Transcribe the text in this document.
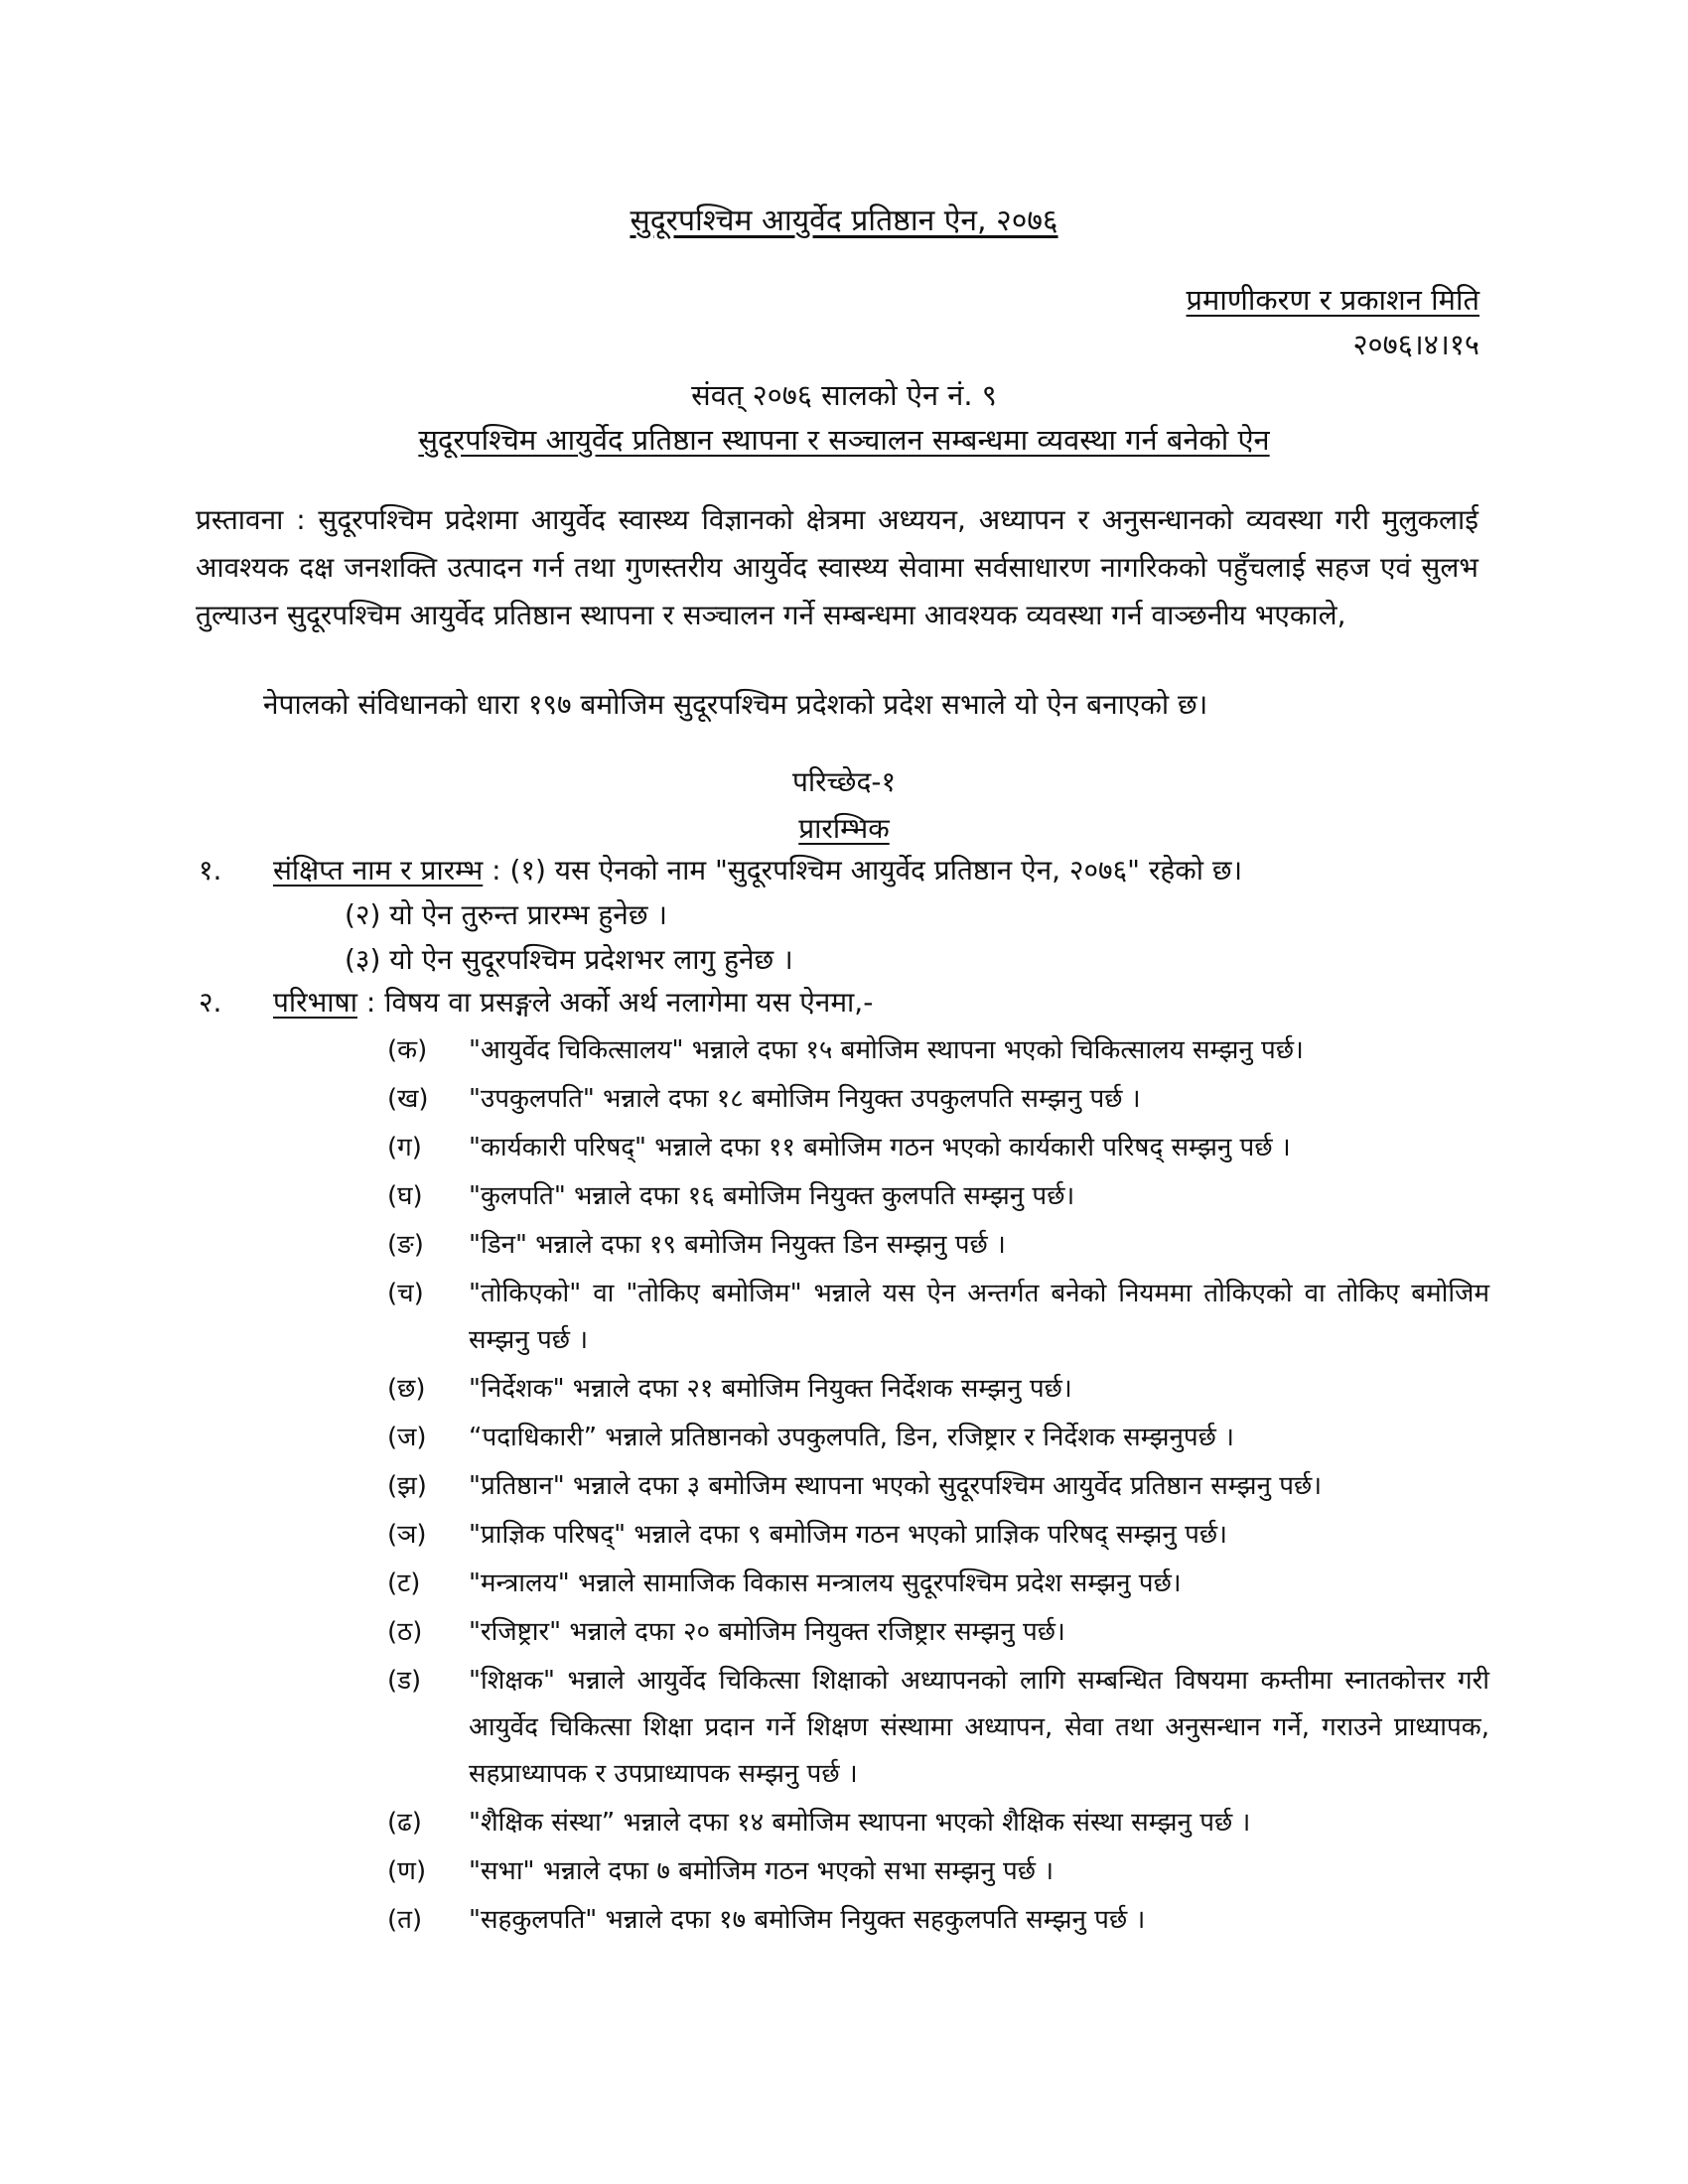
सुदूरपश्चिम आयुर्वेद प्रतिष्ठान ऐन, २०७६
प्रमाणीकरण र प्रकाशन मिति
२०७६।४।१५
संवत् २०७६ सालको ऐन नं. ९
सुदूरपश्चिम आयुर्वेद प्रतिष्ठान स्थापना र सञ्चालन सम्बन्धमा व्यवस्था गर्न बनेको ऐन

प्रस्तावना : सुदूरपश्चिम प्रदेशमा आयुर्वेद स्वास्थ्य विज्ञानको क्षेत्रमा अध्ययन, अध्यापन र अनुसन्धानको व्यवस्था गरी मुलुकलाई आवश्यक दक्ष जनशक्ति उत्पादन गर्न तथा गुणस्तरीय आयुर्वेद स्वास्थ्य सेवामा सर्वसाधारण नागरिकको पहुँचलाई सहज एवं सुलभ तुल्याउन सुदूरपश्चिम आयुर्वेद प्रतिष्ठान स्थापना र सञ्चालन गर्ने सम्बन्धमा आवश्यक व्यवस्था गर्न वाञ्छनीय भएकाले,

नेपालको संविधानको धारा १९७ बमोजिम सुदूरपश्चिम प्रदेशको प्रदेश सभाले यो ऐन बनाएको छ।
परिच्छेद-१
प्रारम्भिक
१. संक्षिप्त नाम र प्रारम्भ : (१) यस ऐनको नाम "सुदूरपश्चिम आयुर्वेद प्रतिष्ठान ऐन, २०७६" रहेको छ।
(२) यो ऐन तुरुन्त प्रारम्भ हुनेछ ।
(३) यो ऐन सुदूरपश्चिम प्रदेशभर लागु हुनेछ ।
२. परिभाषा : विषय वा प्रसङ्गले अर्को अर्थ नलागेमा यस ऐनमा,-
(क)	"आयुर्वेद चिकित्सालय" भन्नाले दफा १५ बमोजिम स्थापना भएको चिकित्सालय सम्झनु पर्छ।
(ख)	"उपकुलपति" भन्नाले दफा १८ बमोजिम नियुक्त उपकुलपति सम्झनु पर्छ ।
(ग)	"कार्यकारी परिषद्" भन्नाले दफा ११ बमोजिम गठन भएको कार्यकारी परिषद् सम्झनु पर्छ ।
(घ)	"कुलपति" भन्नाले दफा १६ बमोजिम नियुक्त कुलपति सम्झनु पर्छ।
(ङ)	"डिन" भन्नाले दफा १९ बमोजिम नियुक्त डिन सम्झनु पर्छ ।
(च)	"तोकिएको" वा "तोकिए बमोजिम" भन्नाले यस ऐन अन्तर्गत बनेको नियममा तोकिएको वा तोकिए बमोजिम सम्झनु पर्छ ।
(छ)	"निर्देशक" भन्नाले दफा २१ बमोजिम नियुक्त निर्देशक सम्झनु पर्छ।
(ज)	“पदाधिकारी” भन्नाले प्रतिष्ठानको उपकुलपति, डिन, रजिष्ट्रार र निर्देशक सम्झनुपर्छ ।
(झ)	"प्रतिष्ठान" भन्नाले दफा ३ बमोजिम स्थापना भएको सुदूरपश्चिम आयुर्वेद प्रतिष्ठान सम्झनु पर्छ।
(ञ)	"प्राज्ञिक परिषद्" भन्नाले दफा ९ बमोजिम गठन भएको प्राज्ञिक परिषद् सम्झनु पर्छ।
(ट)	"मन्त्रालय" भन्नाले सामाजिक विकास मन्त्रालय सुदूरपश्चिम प्रदेश सम्झनु पर्छ।
(ठ)	"रजिष्ट्रार" भन्नाले दफा २० बमोजिम नियुक्त रजिष्ट्रार सम्झनु पर्छ।
(ड)	"शिक्षक" भन्नाले आयुर्वेद चिकित्सा शिक्षाको अध्यापनको लागि सम्बन्धित विषयमा कम्तीमा स्नातकोत्तर गरी आयुर्वेद चिकित्सा शिक्षा प्रदान गर्ने शिक्षण संस्थामा अध्यापन, सेवा तथा अनुसन्धान गर्ने, गराउने प्राध्यापक, सहप्राध्यापक र उपप्राध्यापक सम्झनु पर्छ ।
(ढ)	"शैक्षिक संस्था” भन्नाले दफा १४ बमोजिम स्थापना भएको शैक्षिक संस्था सम्झनु पर्छ ।
(ण)	"सभा" भन्नाले दफा ७ बमोजिम गठन भएको सभा सम्झनु पर्छ ।
(त)	"सहकुलपति" भन्नाले दफा १७ बमोजिम नियुक्त सहकुलपति सम्झनु पर्छ ।
